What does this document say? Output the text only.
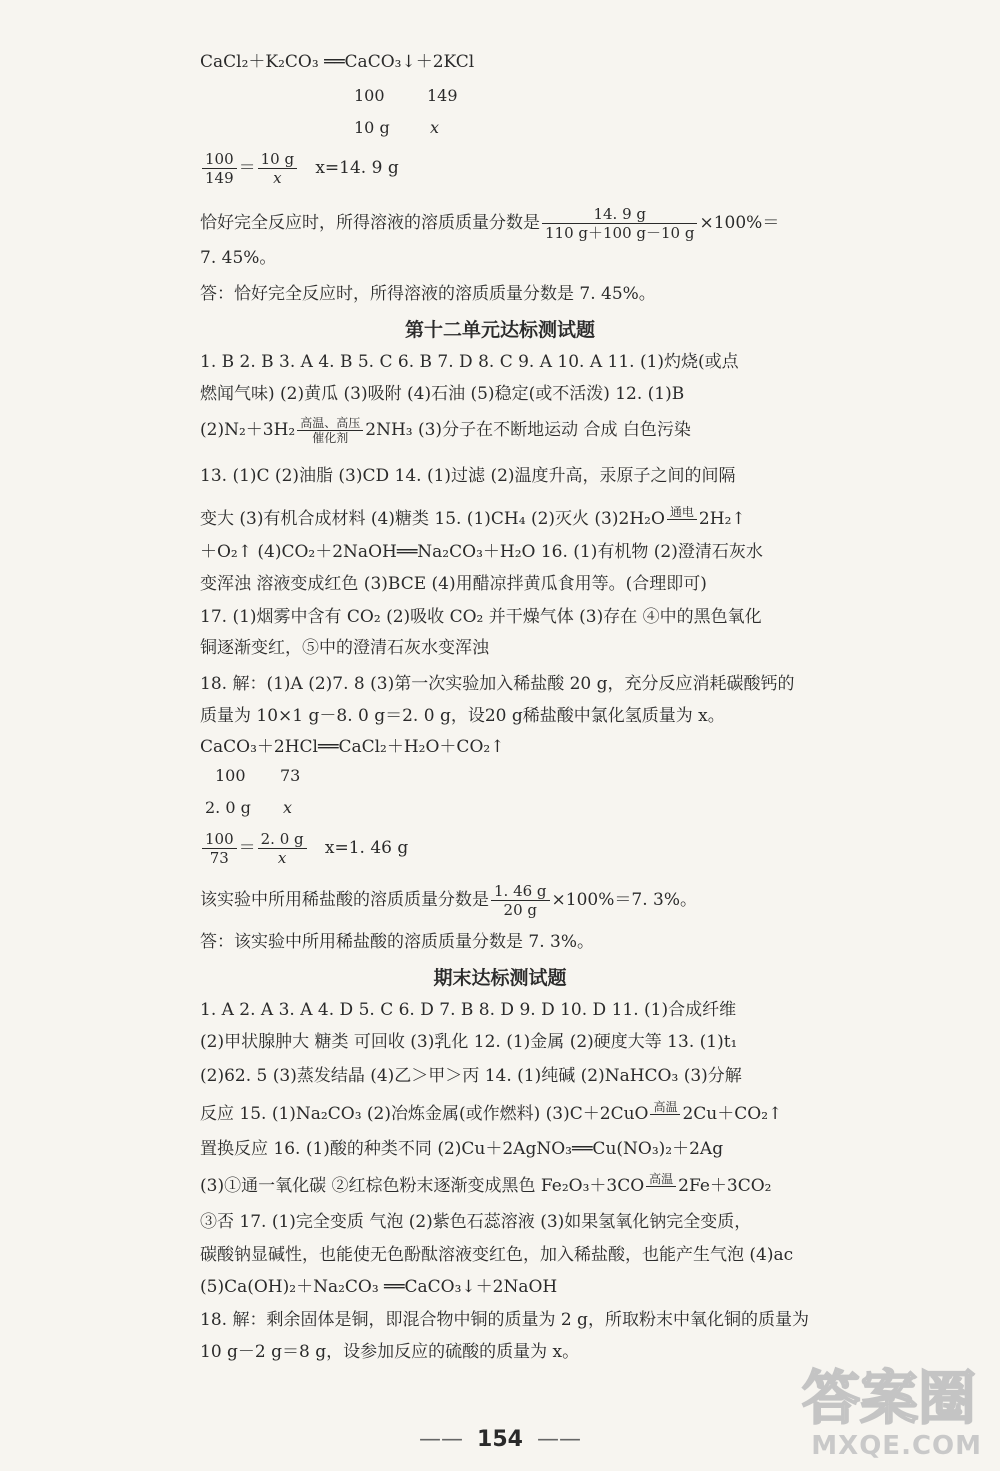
CaCl₂＋K₂CO₃ ══CaCO₃↓＋2KCl
100	149
10 g	x
$\frac{100}{149} = \frac{10 g}{x} x=14$. 9 g
恰好完全反应时，所得溶液的溶质质量分数是 $\frac{14. 9 g}{110 g+100 g-10 g} \times 100\%=$
7. 45%。
答：恰好完全反应时，所得溶液的溶质质量分数是 7. 45%。
第十二单元达标测试题
1. B 2. B 3. A 4. B 5. C 6. B 7. D 8. C 9. A 10. A 11. (1)灼烧(或点
燃闻气味) (2)黄瓜 (3)吸附 (4)石油 (5)稳定(或不活泼) 12. (1)B
(2)N₂＋3H₂ 高温、高压
催化剂	2NH₃ (3)分子在不断地运动 合成 白色污染
13. (1)C (2)油脂 (3)CD 14. (1)过滤 (2)温度升高，汞原子之间的间隔
变大 (3)有机合成材料 (4)糖类 15. (1)CH₄ (2)灭火 (3)2H₂O 通电
2H₂↑
＋O₂↑ (4)CO₂＋2NaOH══Na₂CO₃＋H₂O 16. (1)有机物 (2)澄清石灰水
变浑浊 溶液变成红色 (3)BCE (4)用醋凉拌黄瓜食用等。(合理即可)
17. (1)烟雾中含有 CO₂ (2)吸收 CO₂ 并干燥气体 (3)存在 ④中的黑色氧化
铜逐渐变红，⑤中的澄清石灰水变浑浊
18. 解：(1)A (2)7. 8 (3)第一次实验加入稀盐酸 20 g，充分反应消耗碳酸钙的
质量为 10×1 g－8. 0 g＝2. 0 g，设20 g稀盐酸中氯化氢质量为 x。
CaCO₃＋2HCl══CaCl₂＋H₂O＋CO₂↑
100 73
2. 0 g x
$\frac{100}{73} = \frac{2. 0 g}{x} x=1$. 46 g
该实验中所用稀盐酸的溶质质量分数是 $\frac{1. 46 g}{20 g} \times 100\%=7$. 3%。
答：该实验中所用稀盐酸的溶质质量分数是 7. 3%。
期末达标测试题
1. A 2. A 3. A 4. D 5. C 6. D 7. B 8. D 9. D 10. D 11. (1)合成纤维
(2)甲状腺肿大 糖类 可回收 (3)乳化 12. (1)金属 (2)硬度大等 13. (1)t₁
(2)62. 5 (3)蒸发结晶 (4)乙＞甲＞丙 14. (1)纯碱 (2)NaHCO₃ (3)分解
反应 15. (1)Na₂CO₃ (2)冶炼金属(或作燃料) (3)C＋2CuO 高温
2Cu＋CO₂↑
置换反应 16. (1)酸的种类不同 (2)Cu＋2AgNO₃══Cu(NO₃)₂＋2Ag
(3)①通一氧化碳 ②红棕色粉末逐渐变成黑色 Fe₂O₃＋3CO 高温
2Fe＋3CO₂
③否 17. (1)完全变质 气泡 (2)紫色石蕊溶液 (3)如果氢氧化钠完全变质，
碳酸钠显碱性，也能使无色酚酞溶液变红色，加入稀盐酸，也能产生气泡 (4)ac
(5)Ca(OH)₂＋Na₂CO₃ ══CaCO₃↓＋2NaOH
18. 解：剩余固体是铜，即混合物中铜的质量为 2 g，所取粉末中氧化铜的质量为
10 g－2 g＝8 g，设参加反应的硫酸的质量为 x。
—— 154 ——
答案圈
MXQE.COM
